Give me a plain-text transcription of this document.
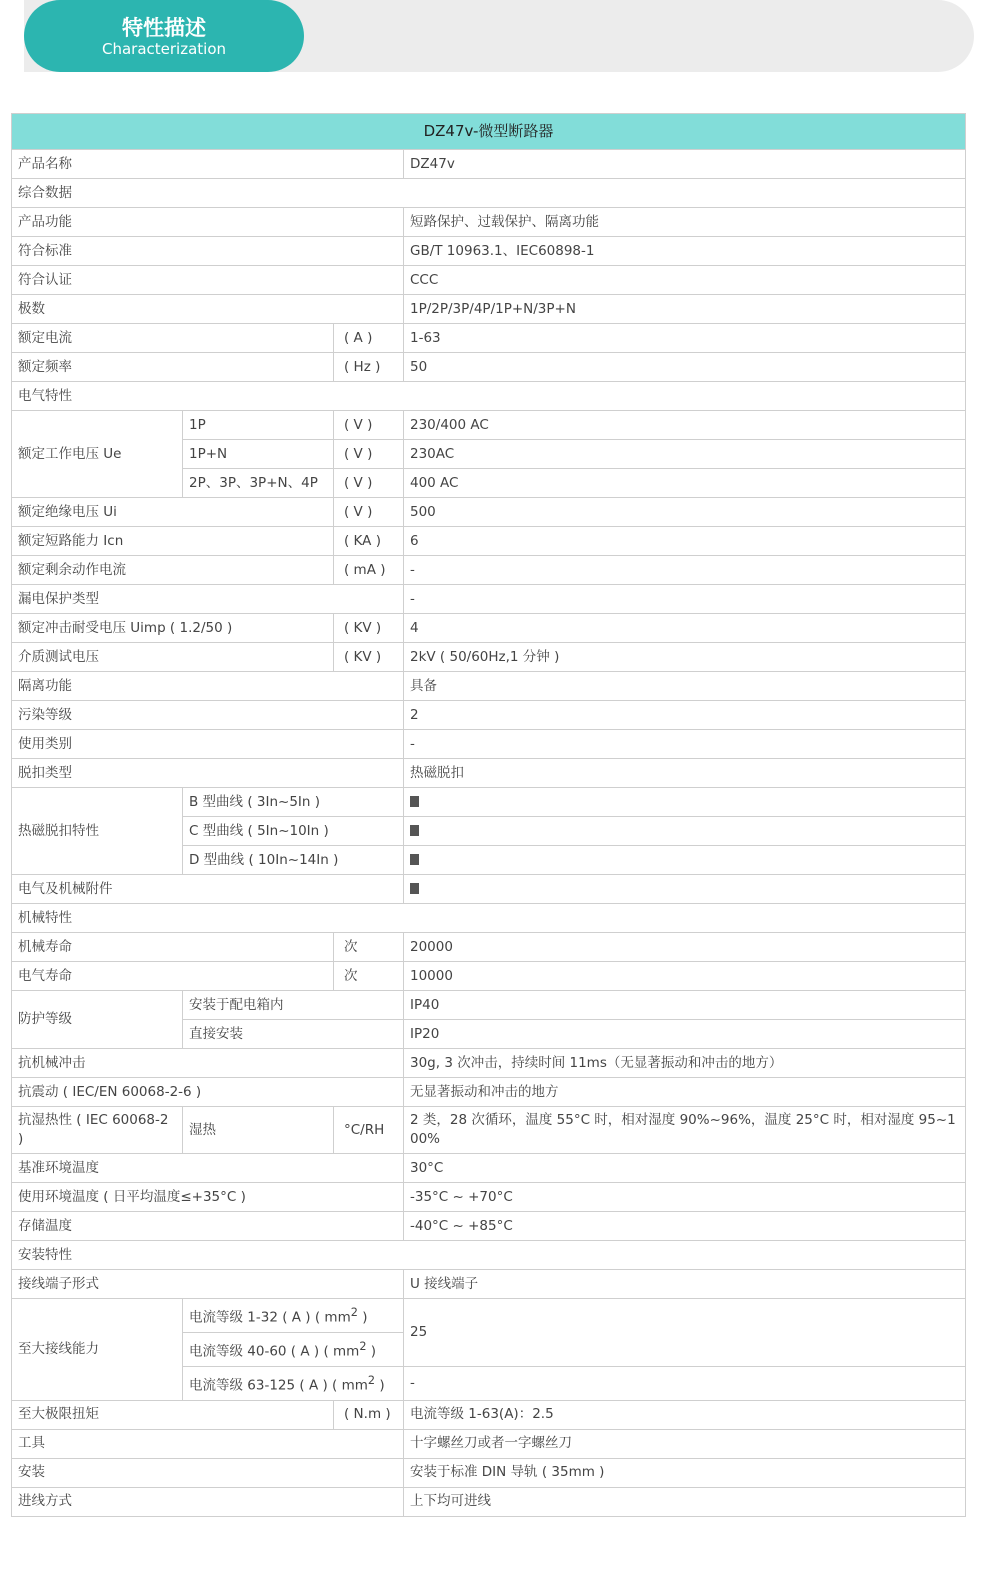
特性描述
Characterization
DZ47v-微型断路器			
产品名称			DZ47v
综合数据			
产品功能			短路保护、过载保护、隔离功能
符合标准			GB/T 10963.1、IEC60898-1
符合认证			CCC
极数			1P/2P/3P/4P/1P+N/3P+N
额定电流		( A )	1-63
额定频率		( Hz )	50
电气特性			
额定工作电压 Ue	1P	( V )	230/400 AC
	1P+N	( V )	230AC
	2P、3P、3P+N、4P	( V )	400 AC
额定绝缘电压 Ui		( V )	500
额定短路能力 Icn		( KA )	6
额定剩余动作电流		( mA )	-
漏电保护类型			-
额定冲击耐受电压 Uimp ( 1.2/50 )		( KV )	4
介质测试电压		( KV )	2kV ( 50/60Hz,1 分钟 )
隔离功能			具备
污染等级			2
使用类别			-
脱扣类型			热磁脱扣
热磁脱扣特性	B 型曲线 ( 3In~5In )		
	C 型曲线 ( 5In~10In )		
	D 型曲线 ( 10In~14In )		
电气及机械附件			
机械特性			
机械寿命		次	20000
电气寿命		次	10000
防护等级	安装于配电箱内		IP40
	直接安装		IP20
抗机械冲击			30g, 3 次冲击，持续时间 11ms（无显著振动和冲击的地方）
抗震动 ( IEC/EN 60068-2-6 )			无显著振动和冲击的地方
抗湿热性 ( IEC 60068-2 )	湿热	°C/RH	2 类，28 次循环，温度 55°C 时，相对湿度 90%~96%，温度 25°C 时，相对湿度 95~100%
基准环境温度			30°C
使用环境温度 ( 日平均温度≤+35°C )			-35°C ~ +70°C
存储温度			-40°C ~ +85°C
安装特性			
接线端子形式			U 接线端子
至大接线能力	电流等级 1-32 ( A ) ( $mm^2$ )		25
	电流等级 40-60 ( A ) ( $mm^2$ )		
	电流等级 63-125 ( A ) ( $mm^2$ )		-
至大极限扭矩		( N.m )	电流等级 1-63(A)：2.5
工具			十字螺丝刀或者一字螺丝刀
安装			安装于标准 DIN 导轨 ( 35mm )
进线方式			上下均可进线
